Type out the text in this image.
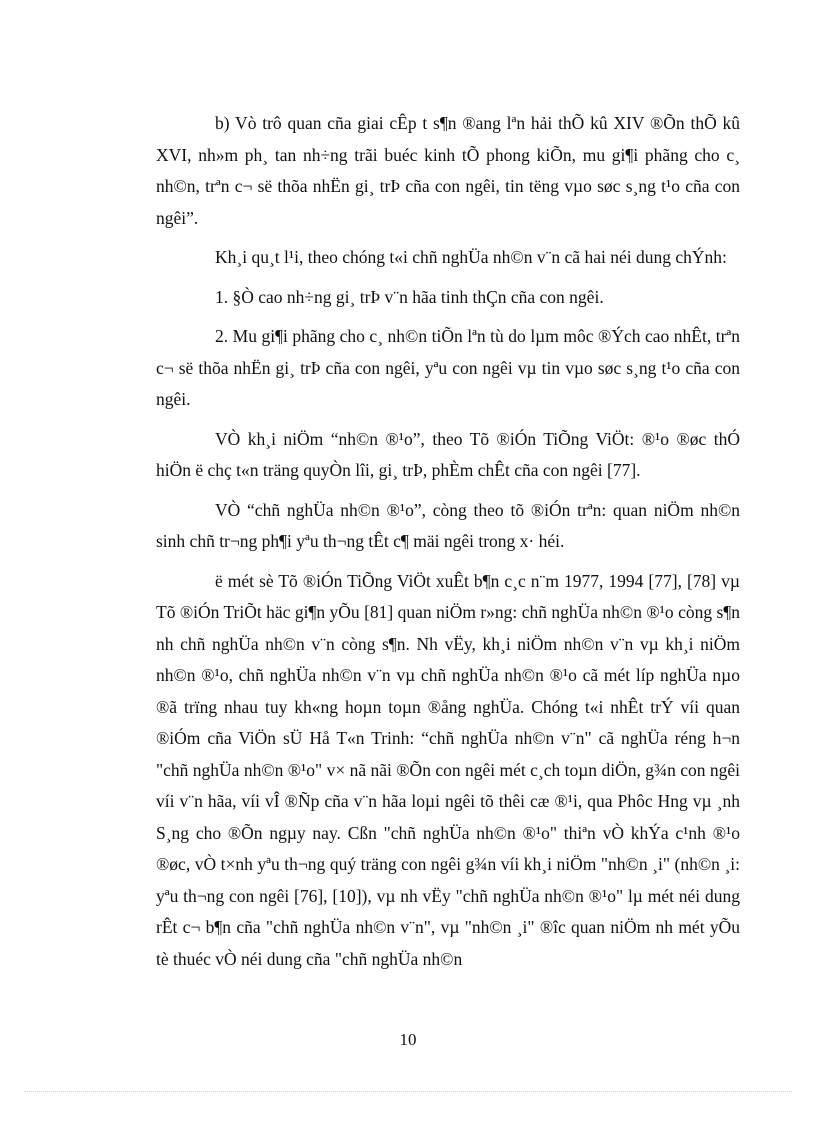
b) Vò trô quan cña giai cÊp t s¶n ®ang lªn hải thÕ kû XIV ®Õn thÕ kû XVI, nh»m ph¸ tan nh÷ng trãi buéc kinh tÕ phong kiÕn, mu gi¶i phãng cho c¸ nh©n, trªn c¬ së thõa nhËn gi¸ trÞ cña con ngêi, tin tëng vµo søc s¸ng t¹o cña con ngêi”.

Kh¸i qu¸t l¹i, theo chóng t«i chñ nghÜa nh©n v¨n cã hai néi dung chÝnh:

1. §Ò cao nh÷ng gi¸ trÞ v¨n hãa tinh thÇn cña con ngêi.

2. Mu gi¶i phãng cho c¸ nh©n tiÕn lªn tù do lµm môc ®Ých cao nhÊt, trªn c¬ së thõa nhËn gi¸ trÞ cña con ngêi, yªu con ngêi vµ tin vµo søc s¸ng t¹o cña con ngêi.

VÒ kh¸i niÖm “nh©n ®¹o”, theo Tõ ®iÓn TiÕng ViÖt: ®¹o ®øc thÓ hiÖn ë chç t«n träng quyÒn lîi, gi¸ trÞ, phÈm chÊt cña con ngêi [77].

VÒ “chñ nghÜa nh©n ®¹o”, còng theo tõ ®iÓn trªn: quan niÖm nh©n sinh chñ tr¬ng ph¶i yªu th¬ng tÊt c¶ mäi ngêi trong x· héi.

ë mét sè Tõ ®iÓn TiÕng ViÖt xuÊt b¶n c¸c n¨m 1977, 1994 [77], [78] vµ Tõ ®iÓn TriÕt häc gi¶n yÕu [81] quan niÖm r»ng: chñ nghÜa nh©n ®¹o còng s¶n nh chñ nghÜa nh©n v¨n còng s¶n. Nh vËy, kh¸i niÖm nh©n v¨n vµ kh¸i niÖm nh©n ®¹o, chñ nghÜa nh©n v¨n vµ chñ nghÜa nh©n ®¹o cã mét líp nghÜa nµo ®ã trïng nhau tuy kh«ng hoµn toµn ®ång nghÜa. Chóng t«i nhÊt trÝ víi quan ®iÓm cña ViÖn sÜ Hå T«n Trinh: “chñ nghÜa nh©n v¨n" cã nghÜa réng h¬n "chñ nghÜa nh©n ®¹o" v× nã nãi ®Õn con ngêi mét c¸ch toµn diÖn, g¾n con ngêi víi v¨n hãa, víi vÎ ®Ñp cña v¨n hãa loµi ngêi tõ thêi cæ ®¹i, qua Phôc Hng vµ ¸nh S¸ng cho ®Õn ngµy nay. Cßn "chñ nghÜa nh©n ®¹o" thiªn vÒ khÝa c¹nh ®¹o ®øc, vÒ t×nh yªu th¬ng quý träng con ngêi g¾n víi kh¸i niÖm "nh©n ¸i" (nh©n ¸i: yªu th¬ng con ngêi [76], [10]), vµ nh vËy "chñ nghÜa nh©n ®¹o" lµ mét néi dung rÊt c¬ b¶n cña "chñ nghÜa nh©n v¨n", vµ "nh©n ¸i" ®îc quan niÖm nh mét yÕu tè thuéc vÒ néi dung cña "chñ nghÜa nh©n

10
